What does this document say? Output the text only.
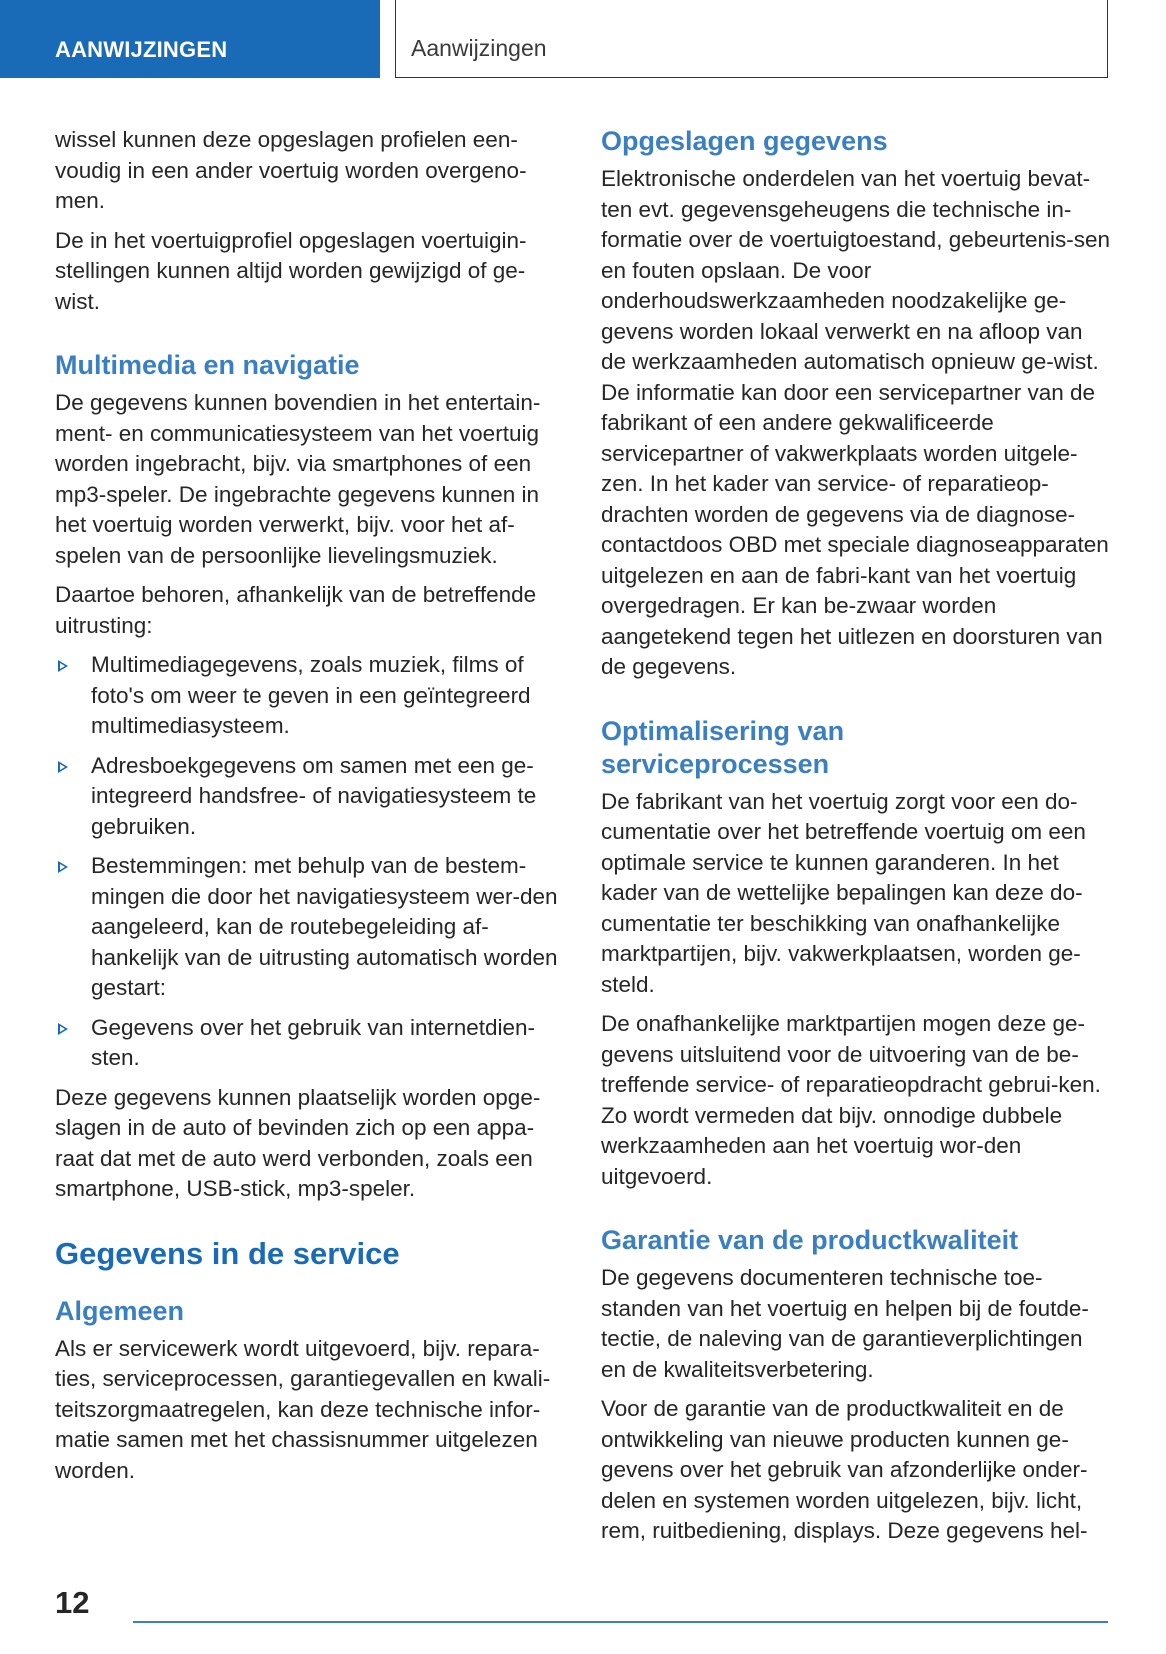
AANWIJZINGEN	Aanwijzingen

wissel kunnen deze opgeslagen profielen een-voudig in een ander voertuig worden overgeno-men.

De in het voertuigprofiel opgeslagen voertuigin-stellingen kunnen altijd worden gewijzigd of ge-wist.

Multimedia en navigatie

De gegevens kunnen bovendien in het entertain-ment- en communicatiesysteem van het voertuig worden ingebracht, bijv. via smartphones of een mp3-speler. De ingebrachte gegevens kunnen in het voertuig worden verwerkt, bijv. voor het af-spelen van de persoonlijke lievelingsmuziek.

Daartoe behoren, afhankelijk van de betreffende uitrusting:

Multimediagegevens, zoals muziek, films of foto's om weer te geven in een geïntegreerd multimediasysteem.
Adresboekgegevens om samen met een ge-integreerd handsfree- of navigatiesysteem te gebruiken.
Bestemmingen: met behulp van de bestem-mingen die door het navigatiesysteem wer-den aangeleerd, kan de routebegeleiding af-hankelijk van de uitrusting automatisch worden gestart:
Gegevens over het gebruik van internetdien-sten.

Deze gegevens kunnen plaatselijk worden opge-slagen in de auto of bevinden zich op een appa-raat dat met de auto werd verbonden, zoals een smartphone, USB-stick, mp3-speler.

Gegevens in de service
Algemeen

Als er servicewerk wordt uitgevoerd, bijv. repara-ties, serviceprocessen, garantiegevallen en kwali-teitszorgmaatregelen, kan deze technische infor-matie samen met het chassisnummer uitgelezen worden.

Opgeslagen gegevens

Elektronische onderdelen van het voertuig bevat-ten evt. gegevensgeheugens die technische in-formatie over de voertuigtoestand, gebeurtenis-sen en fouten opslaan. De voor onderhoudswerkzaamheden noodzakelijke ge-gevens worden lokaal verwerkt en na afloop van de werkzaamheden automatisch opnieuw ge-wist. De informatie kan door een servicepartner van de fabrikant of een andere gekwalificeerde servicepartner of vakwerkplaats worden uitgele-zen. In het kader van service- of reparatieop-drachten worden de gegevens via de diagnose-contactdoos OBD met speciale diagnoseapparaten uitgelezen en aan de fabri-kant van het voertuig overgedragen. Er kan be-zwaar worden aangetekend tegen het uitlezen en doorsturen van de gegevens.

Optimalisering van
serviceprocessen

De fabrikant van het voertuig zorgt voor een do-cumentatie over het betreffende voertuig om een optimale service te kunnen garanderen. In het kader van de wettelijke bepalingen kan deze do-cumentatie ter beschikking van onafhankelijke marktpartijen, bijv. vakwerkplaatsen, worden ge-steld.

De onafhankelijke marktpartijen mogen deze ge-gevens uitsluitend voor de uitvoering van de be-treffende service- of reparatieopdracht gebrui-ken. Zo wordt vermeden dat bijv. onnodige dubbele werkzaamheden aan het voertuig wor-den uitgevoerd.

Garantie van de productkwaliteit

De gegevens documenteren technische toe-standen van het voertuig en helpen bij de foutde-tectie, de naleving van de garantieverplichtingen en de kwaliteitsverbetering.

Voor de garantie van de productkwaliteit en de ontwikkeling van nieuwe producten kunnen ge-gevens over het gebruik van afzonderlijke onder-delen en systemen worden uitgelezen, bijv. licht, rem, ruitbediening, displays. Deze gegevens hel-

12
